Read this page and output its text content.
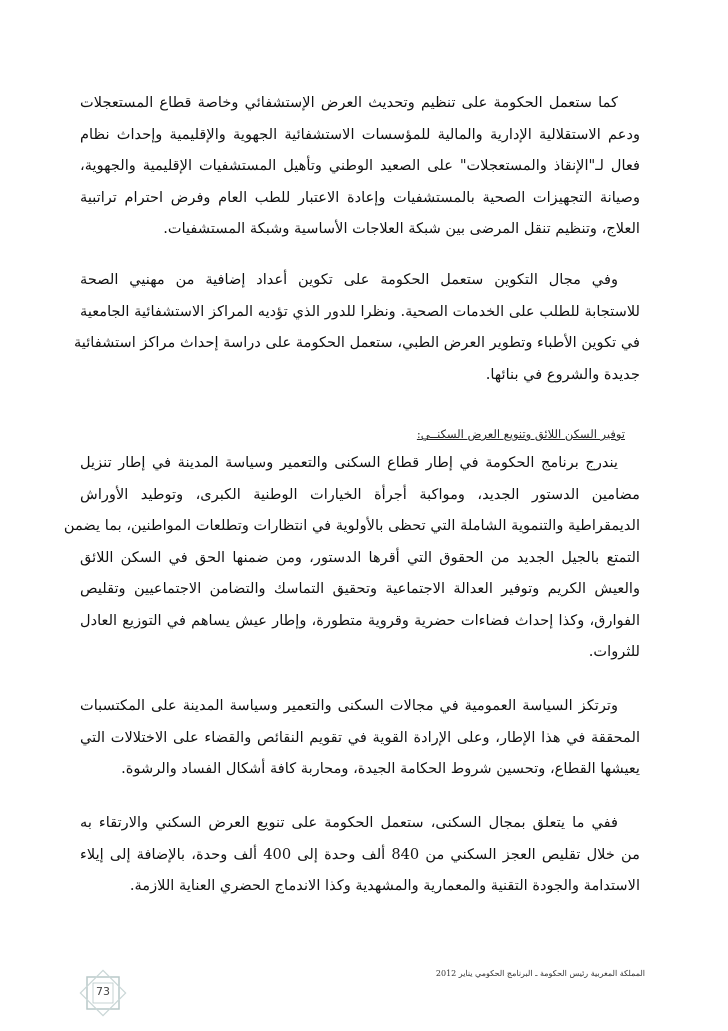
كما ستعمل الحكومة على تنظيم وتحديث العرض الإستشفائي وخاصة قطاع المستعجلات
ودعم الاستقلالية الإدارية والمالية للمؤسسات الاستشفائية الجهوية والإقليمية وإحداث نظام
فعال لـ"الإنقاذ والمستعجلات" على الصعيد الوطني وتأهيل المستشفيات الإقليمية والجهوية،
وصيانة التجهيزات الصحية بالمستشفيات وإعادة الاعتبار للطب العام وفرض احترام تراتبية
العلاج، وتنظيم تنقل المرضى بين شبكة العلاجات الأساسية وشبكة المستشفيات.
وفي مجال التكوين ستعمل الحكومة على تكوين أعداد إضافية من مهنيي الصحة
للاستجابة للطلب على الخدمات الصحية. ونظرا للدور الذي تؤديه المراكز الاستشفائية الجامعية
في تكوين الأطباء وتطوير العرض الطبي، ستعمل الحكومة على دراسة إحداث مراكز استشفائية
جديدة والشروع في بنائها.
توفير السكن اللائق وتنويع العرض السكنــي:
يندرج برنامج الحكومة في إطار قطاع السكنى والتعمير وسياسة المدينة في إطار تنزيل
مضامين الدستور الجديد، ومواكبة أجرأة الخيارات الوطنية الكبرى، وتوطيد الأوراش
الديمقراطية والتنموية الشاملة التي تحظى بالأولوية في انتظارات وتطلعات المواطنين، بما يضمن
التمتع بالجيل الجديد من الحقوق التي أقرها الدستور، ومن ضمنها الحق في السكن اللائق
والعيش الكريم وتوفير العدالة الاجتماعية وتحقيق التماسك والتضامن الاجتماعيين وتقليص
الفوارق، وكذا إحداث فضاءات حضرية وقروية متطورة، وإطار عيش يساهم في التوزيع العادل
للثروات.
وترتكز السياسة العمومية في مجالات السكنى والتعمير وسياسة المدينة على المكتسبات
المحققة في هذا الإطار، وعلى الإرادة القوية في تقويم النقائص والقضاء على الاختلالات التي
يعيشها القطاع، وتحسين شروط الحكامة الجيدة، ومحاربة كافة أشكال الفساد والرشوة.
ففي ما يتعلق بمجال السكنى، ستعمل الحكومة على تنويع العرض السكني والارتقاء به
من خلال تقليص العجز السكني من 840 ألف وحدة إلى 400 ألف وحدة، بالإضافة إلى إيلاء
الاستدامة والجودة التقنية والمعمارية والمشهدية وكذا الاندماج الحضري العناية اللازمة.
المملكة المغربية رئيس الحكومة ـ البرنامج الحكومي يناير 2012
73
